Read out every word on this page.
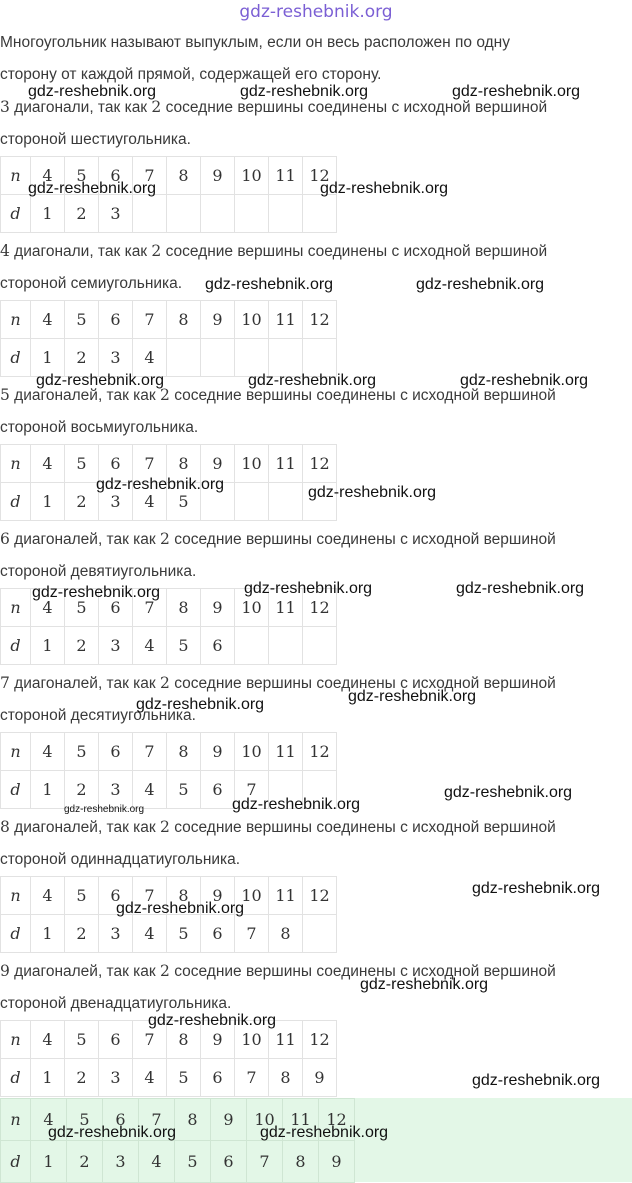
gdz-reshebnik.org

Многоугольник называют выпуклым, если он весь расположен по одну

сторону от каждой прямой, содержащей его сторону.

3 диагонали, так как 2 соседние вершины соединены с исходной вершиной

стороной шестиугольника.

n	4	5	6	7	8	9	10	11	12
d	1	2	3						

4 диагонали, так как 2 соседние вершины соединены с исходной вершиной

стороной семиугольника.

n	4	5	6	7	8	9	10	11	12
d	1	2	3	4					

5 диагоналей, так как 2 соседние вершины соединены с исходной вершиной

стороной восьмиугольника.

n	4	5	6	7	8	9	10	11	12
d	1	2	3	4	5				

6 диагоналей, так как 2 соседние вершины соединены с исходной вершиной

стороной девятиугольника.

n	4	5	6	7	8	9	10	11	12
d	1	2	3	4	5	6			

7 диагоналей, так как 2 соседние вершины соединены с исходной вершиной

стороной десятиугольника.

n	4	5	6	7	8	9	10	11	12
d	1	2	3	4	5	6	7		

8 диагоналей, так как 2 соседние вершины соединены с исходной вершиной

стороной одиннадцатиугольника.

n	4	5	6	7	8	9	10	11	12
d	1	2	3	4	5	6	7	8	

9 диагоналей, так как 2 соседние вершины соединены с исходной вершиной

стороной двенадцатиугольника.

n	4	5	6	7	8	9	10	11	12
d	1	2	3	4	5	6	7	8	9
n	4	5	6	7	8	9	10	11	12
d	1	2	3	4	5	6	7	8	9
gdz-reshebnik.org	gdz-reshebnik.org	gdz-reshebnik.org
gdz-reshebnik.org	gdz-reshebnik.org
gdz-reshebnik.org	gdz-reshebnik.org
gdz-reshebnik.org	gdz-reshebnik.org	gdz-reshebnik.org
gdz-reshebnik.org	gdz-reshebnik.org
gdz-reshebnik.org	gdz-reshebnik.org	gdz-reshebnik.org
gdz-reshebnik.org
gdz-reshebnik.org
gdz-reshebnik.org
gdz-reshebnik.org
gdz-reshebnik.org
gdz-reshebnik.org
gdz-reshebnik.org
gdz-reshebnik.org
gdz-reshebnik.org
gdz-reshebnik.org	gdz-reshebnik.org
gdz-reshebnik.org
